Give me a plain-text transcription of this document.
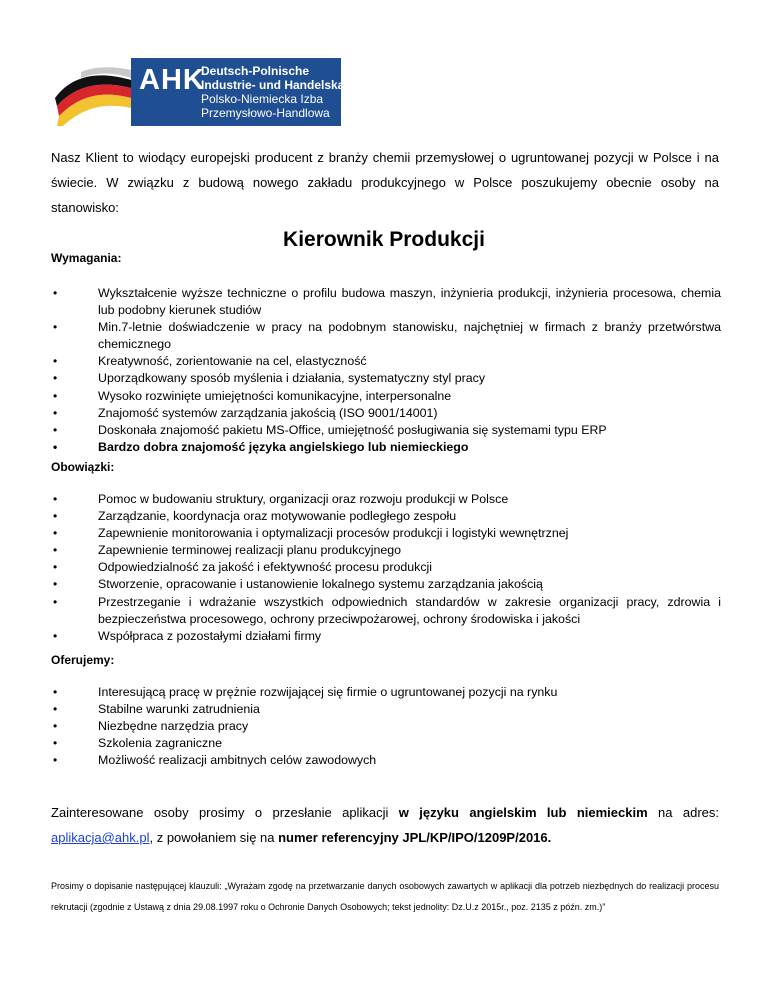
AHK
Deutsch-Polnische
Industrie- und Handelskammer
Polsko-Niemiecka Izba
Przemysłowo-Handlowa
Nasz Klient to wiodący europejski producent z branży chemii przemysłowej o ugruntowanej pozycji w Polsce i na świecie. W związku z budową nowego zakładu produkcyjnego w Polsce poszukujemy obecnie osoby na stanowisko:
Kierownik Produkcji
Wymagania:
• Wykształcenie wyższe techniczne o profilu budowa maszyn, inżynieria produkcji, inżynieria procesowa, chemia lub podobny kierunek studiów
• Min.7-letnie doświadczenie w pracy na podobnym stanowisku, najchętniej w firmach z branży przetwórstwa chemicznego
• Kreatywność, zorientowanie na cel, elastyczność
• Uporządkowany sposób myślenia i działania, systematyczny styl pracy
• Wysoko rozwinięte umiejętności komunikacyjne, interpersonalne
• Znajomość systemów zarządzania jakością (ISO 9001/14001)
• Doskonała znajomość pakietu MS-Office, umiejętność posługiwania się systemami typu ERP
• Bardzo dobra znajomość języka angielskiego lub niemieckiego
Obowiązki:
• Pomoc w budowaniu struktury, organizacji oraz rozwoju produkcji w Polsce
• Zarządzanie, koordynacja oraz motywowanie podległego zespołu
• Zapewnienie monitorowania i optymalizacji procesów produkcji i logistyki wewnętrznej
• Zapewnienie terminowej realizacji planu produkcyjnego
• Odpowiedzialność za jakość i efektywność procesu produkcji
• Stworzenie, opracowanie i ustanowienie lokalnego systemu zarządzania jakością
• Przestrzeganie i wdrażanie wszystkich odpowiednich standardów w zakresie organizacji pracy, zdrowia i bezpieczeństwa procesowego, ochrony przeciwpożarowej, ochrony środowiska i jakości
• Współpraca z pozostałymi działami firmy
Oferujemy:
• Interesującą pracę w prężnie rozwijającej się firmie o ugruntowanej pozycji na rynku
• Stabilne warunki zatrudnienia
• Niezbędne narzędzia pracy
• Szkolenia zagraniczne
• Możliwość realizacji ambitnych celów zawodowych
Zainteresowane osoby prosimy o przesłanie aplikacji w języku angielskim lub niemieckim na adres: aplikacja@ahk.pl, z powołaniem się na numer referencyjny JPL/KP/IPO/1209P/2016.
Prosimy o dopisanie następującej klauzuli: „Wyrażam zgodę na przetwarzanie danych osobowych zawartych w aplikacji dla potrzeb niezbędnych do realizacji procesu rekrutacji (zgodnie z Ustawą z dnia 29.08.1997 roku o Ochronie Danych Osobowych; tekst jednolity: Dz.U.z 2015r., poz. 2135 z późn. zm.)”
